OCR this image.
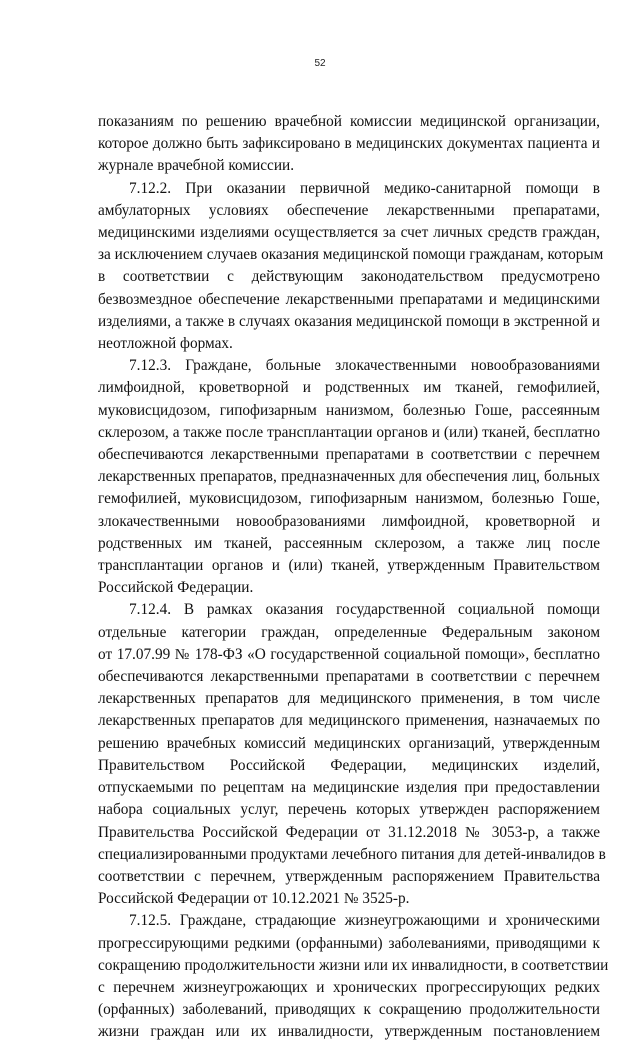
52
показаниям по решению врачебной комиссии медицинской организации,
которое должно быть зафиксировано в медицинских документах пациента и
журнале врачебной комиссии.
7.12.2. При оказании первичной медико-санитарной помощи в
амбулаторных условиях обеспечение лекарственными препаратами,
медицинскими изделиями осуществляется за счет личных средств граждан,
за исключением случаев оказания медицинской помощи гражданам, которым
в соответствии с действующим законодательством предусмотрено
безвозмездное обеспечение лекарственными препаратами и медицинскими
изделиями, а также в случаях оказания медицинской помощи в экстренной и
неотложной формах.
7.12.3. Граждане, больные злокачественными новообразованиями
лимфоидной, кроветворной и родственных им тканей, гемофилией,
муковисцидозом, гипофизарным нанизмом, болезнью Гоше, рассеянным
склерозом, а также после трансплантации органов и (или) тканей, бесплатно
обеспечиваются лекарственными препаратами в соответствии с перечнем
лекарственных препаратов, предназначенных для обеспечения лиц, больных
гемофилией, муковисцидозом, гипофизарным нанизмом, болезнью Гоше,
злокачественными новообразованиями лимфоидной, кроветворной и
родственных им тканей, рассеянным склерозом, а также лиц после
трансплантации органов и (или) тканей, утвержденным Правительством
Российской Федерации.
7.12.4. В рамках оказания государственной социальной помощи
отдельные категории граждан, определенные Федеральным законом
от 17.07.99 № 178-ФЗ «О государственной социальной помощи», бесплатно
обеспечиваются лекарственными препаратами в соответствии с перечнем
лекарственных препаратов для медицинского применения, в том числе
лекарственных препаратов для медицинского применения, назначаемых по
решению врачебных комиссий медицинских организаций, утвержденным
Правительством Российской Федерации, медицинских изделий,
отпускаемыми по рецептам на медицинские изделия при предоставлении
набора социальных услуг, перечень которых утвержден распоряжением
Правительства Российской Федерации от 31.12.2018 № 3053-р, а также
специализированными продуктами лечебного питания для детей-инвалидов в
соответствии с перечнем, утвержденным распоряжением Правительства
Российской Федерации от 10.12.2021 № 3525-р.
7.12.5. Граждане, страдающие жизнеугрожающими и хроническими
прогрессирующими редкими (орфанными) заболеваниями, приводящими к
сокращению продолжительности жизни или их инвалидности, в соответствии
с перечнем жизнеугрожающих и хронических прогрессирующих редких
(орфанных) заболеваний, приводящих к сокращению продолжительности
жизни граждан или их инвалидности, утвержденным постановлением
